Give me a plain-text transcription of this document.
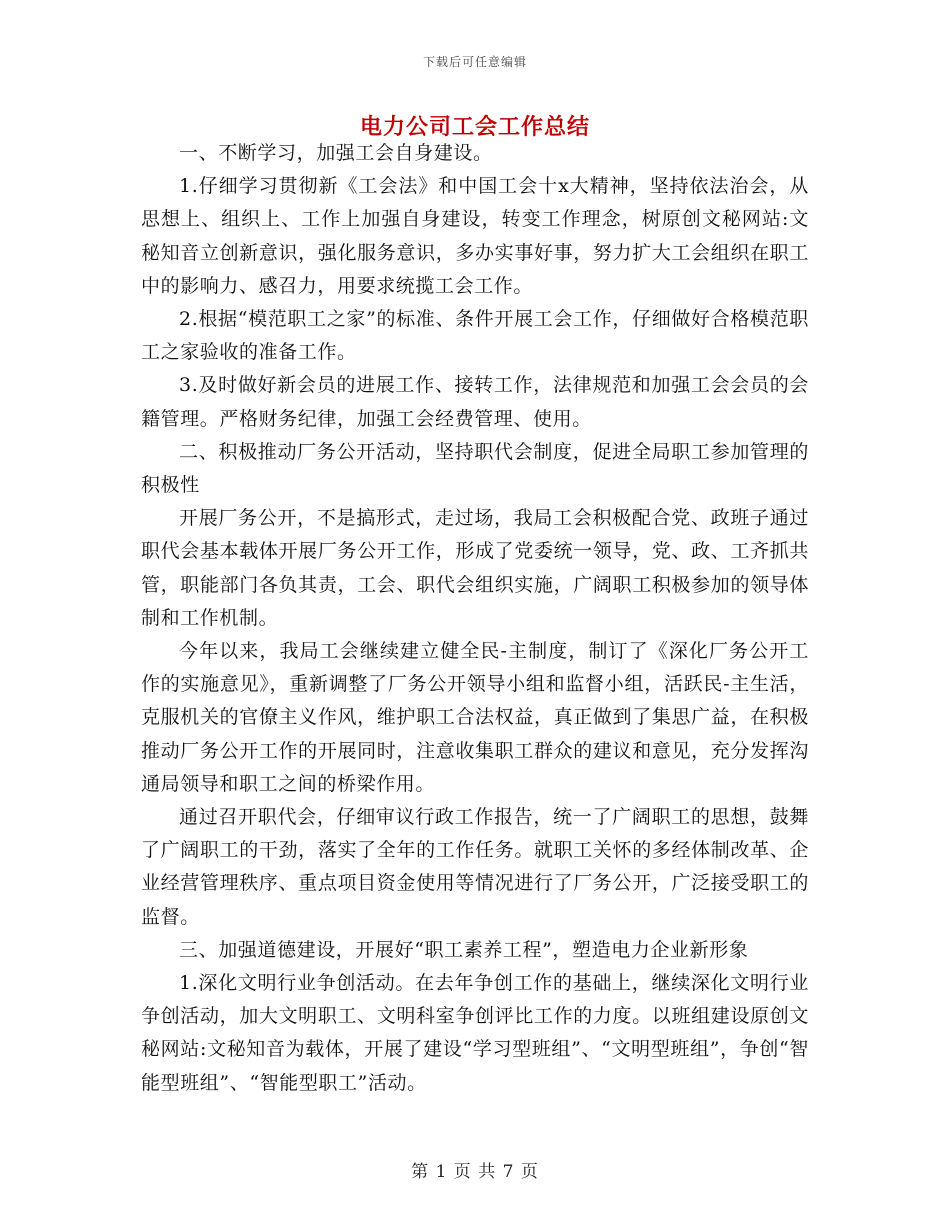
下载后可任意编辑
电力公司工会工作总结

一、不断学习，加强工会自身建设。

1.仔细学习贯彻新《工会法》和中国工会十x大精神，坚持依法治会，从思想上、组织上、工作上加强自身建设，转变工作理念，树原创文秘网站:文秘知音立创新意识，强化服务意识，多办实事好事，努力扩大工会组织在职工中的影响力、感召力，用要求统揽工会工作。

2.根据“模范职工之家”的标准、条件开展工会工作，仔细做好合格模范职工之家验收的准备工作。

3.及时做好新会员的进展工作、接转工作，法律规范和加强工会会员的会籍管理。严格财务纪律，加强工会经费管理、使用。

二、积极推动厂务公开活动，坚持职代会制度，促进全局职工参加管理的积极性

开展厂务公开，不是搞形式，走过场，我局工会积极配合党、政班子通过职代会基本载体开展厂务公开工作，形成了党委统一领导，党、政、工齐抓共管，职能部门各负其责，工会、职代会组织实施，广阔职工积极参加的领导体制和工作机制。

今年以来，我局工会继续建立健全民-主制度，制订了《深化厂务公开工作的实施意见》，重新调整了厂务公开领导小组和监督小组，活跃民-主生活，克服机关的官僚主义作风，维护职工合法权益，真正做到了集思广益，在积极推动厂务公开工作的开展同时，注意收集职工群众的建议和意见，充分发挥沟通局领导和职工之间的桥梁作用。

通过召开职代会，仔细审议行政工作报告，统一了广阔职工的思想，鼓舞了广阔职工的干劲，落实了全年的工作任务。就职工关怀的多经体制改革、企业经营管理秩序、重点项目资金使用等情况进行了厂务公开，广泛接受职工的监督。

三、加强道德建设，开展好“职工素养工程”，塑造电力企业新形象

1.深化文明行业争创活动。在去年争创工作的基础上，继续深化文明行业争创活动，加大文明职工、文明科室争创评比工作的力度。以班组建设原创文秘网站:文秘知音为载体，开展了建设“学习型班组”、“文明型班组”，争创“智能型班组”、“智能型职工”活动。

第 1 页 共 7 页
